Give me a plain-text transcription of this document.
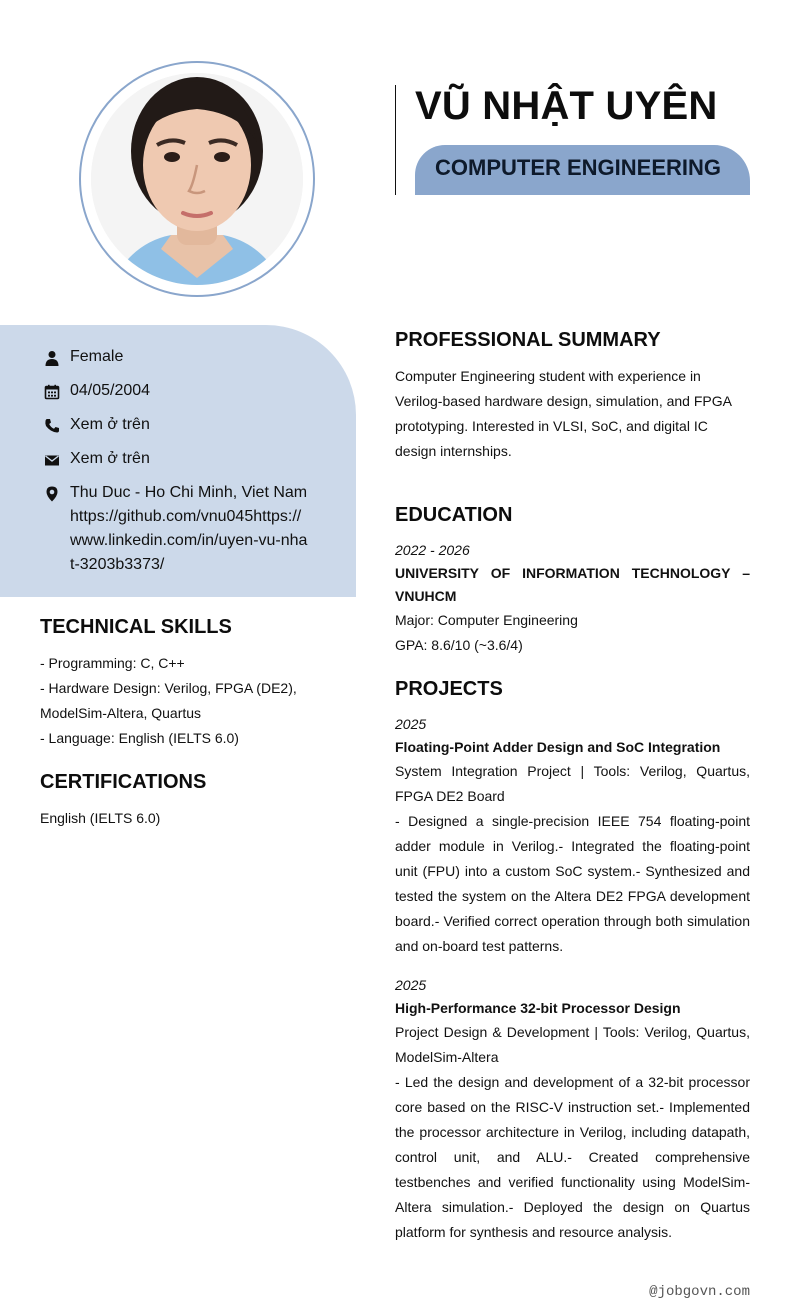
VŨ NHẬT UYÊN
COMPUTER ENGINEERING
Female
04/05/2004
Xem ở trên
Xem ở trên
Thu Duc - Ho Chi Minh, Viet Namhttps://github.com/vnu045https://www.linkedin.com/in/uyen-vu-nhat-3203b3373/
TECHNICAL SKILLS
- Programming: C, C++
- Hardware Design: Verilog, FPGA (DE2), ModelSim-Altera, Quartus
- Language: English (IELTS 6.0)
CERTIFICATIONS
English (IELTS 6.0)
PROFESSIONAL SUMMARY
Computer Engineering student with experience in Verilog-based hardware design, simulation, and FPGA prototyping. Interested in VLSI, SoC, and digital IC design internships.
EDUCATION
2022 - 2026
UNIVERSITY OF INFORMATION TECHNOLOGY – VNUHCM
Major: Computer Engineering
GPA: 8.6/10 (~3.6/4)
PROJECTS
2025
Floating-Point Adder Design and SoC Integration
System Integration Project | Tools: Verilog, Quartus, FPGA DE2 Board
- Designed a single-precision IEEE 754 floating-point adder module in Verilog.- Integrated the floating-point unit (FPU) into a custom SoC system.- Synthesized and tested the system on the Altera DE2 FPGA development board.- Verified correct operation through both simulation and on-board test patterns.
2025
High-Performance 32-bit Processor Design
Project Design & Development | Tools: Verilog, Quartus, ModelSim-Altera
- Led the design and development of a 32-bit processor core based on the RISC-V instruction set.- Implemented the processor architecture in Verilog, including datapath, control unit, and ALU.- Created comprehensive testbenches and verified functionality using ModelSim-Altera simulation.- Deployed the design on Quartus platform for synthesis and resource analysis.
@jobgovn.com
